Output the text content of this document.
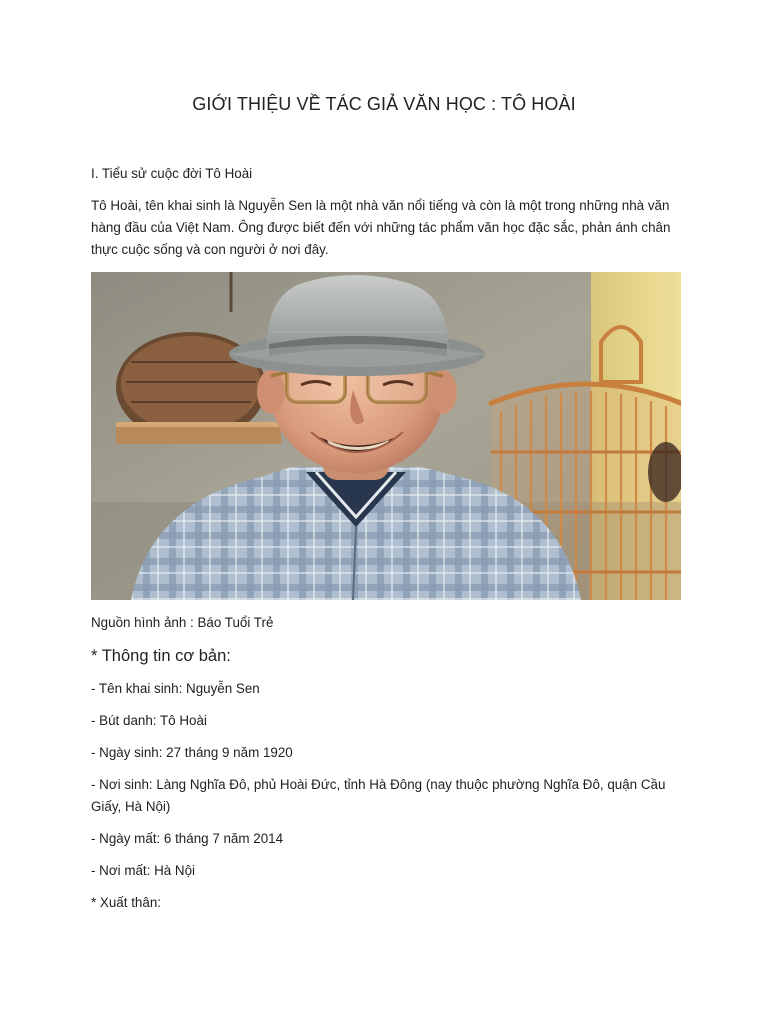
GIỚI THIỆU VỀ TÁC GIẢ VĂN HỌC : TÔ HOÀI

I. Tiểu sử cuộc đời Tô Hoài

Tô Hoài, tên khai sinh là Nguyễn Sen là một nhà văn nổi tiếng và còn là một trong những nhà văn hàng đầu của Việt Nam. Ông được biết đến với những tác phẩm văn học đặc sắc, phản ánh chân thực cuộc sống và con người ở nơi đây.

Nguồn hình ảnh : Báo Tuổi Trẻ

* Thông tin cơ bản:

- Tên khai sinh: Nguyễn Sen

- Bút danh: Tô Hoài

- Ngày sinh: 27 tháng 9 năm 1920

- Nơi sinh: Làng Nghĩa Đô, phủ Hoài Đức, tỉnh Hà Đông (nay thuộc phường Nghĩa Đô, quận Cầu Giấy, Hà Nội)

- Ngày mất: 6 tháng 7 năm 2014

- Nơi mất: Hà Nội

* Xuất thân:
